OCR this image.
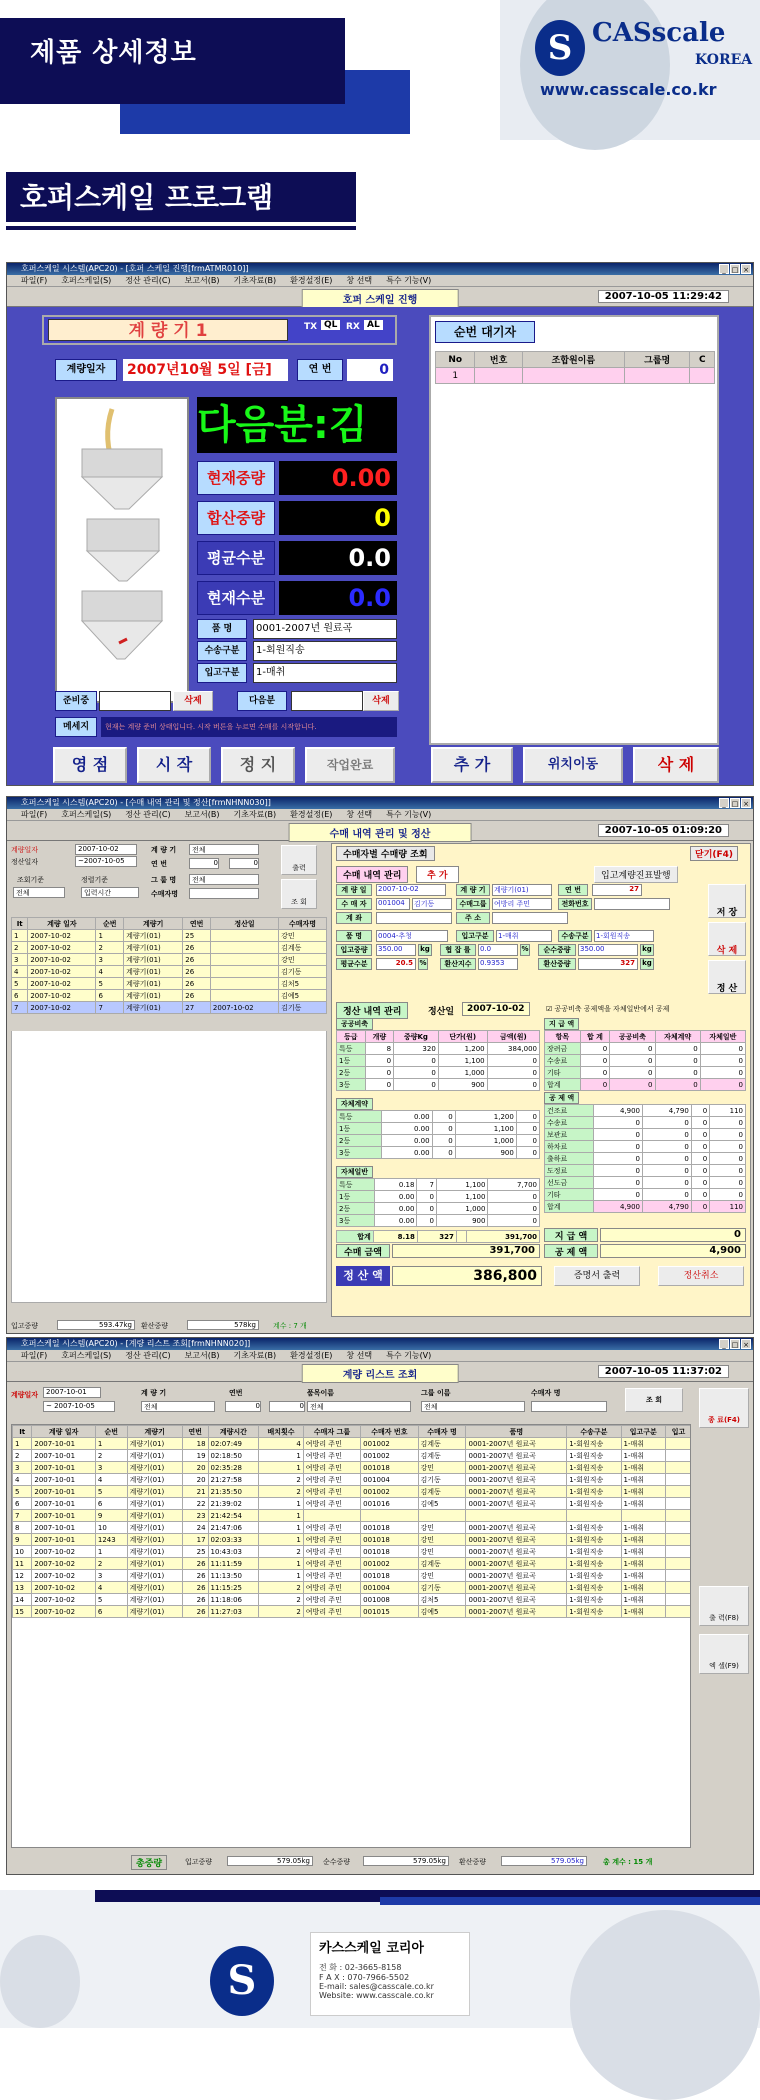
제품 상세정보	S CASscale
KOREA
www.casscale.co.kr
호퍼스케일 프로그램
호퍼스케일 시스템(APC20) - [호퍼 스케일 진행[frmATMR010]]	_ □ ×
파일(F) 호퍼스케일(S) 정산 관리(C) 보고서(B) 기초자료(B) 환경설정(E) 창 선택 특수 기능(V)
호퍼 스케일 진행	2007-10-05 11:29:42
계 량 기 1	TX QL RX AL
계량일자	2007년10월 5일 [금]	연 번	0
다음분:김
현재중량	0.00
합산중량	0
평균수분	0.0
현재수분	0.0
품 명	0001-2007년 원료곡
수송구분	1-회원직송
입고구분	1-매취
준비중	삭제	다음분	삭제
메세지	현재는 계량 준비 상태입니다. 시작 버튼을 누르면 수매를 시작합니다.
영 점	시 작	정 지	작업완료
순번 대기자
No	번호	조합원이름	그룹명	C
1				
추 가	위치이동	삭 제
호퍼스케일 시스템(APC20) - [수매 내역 관리 및 정산[frmNHNN030]]	_ □ ×
파일(F) 호퍼스케일(S) 정산 관리(C) 보고서(B) 기초자료(B) 환경설정(E) 창 선택 특수 기능(V)
수매 내역 관리 및 정산	2007-10-05 01:09:20
계량일자
정산일자
2007-10-02
~2007-10-05
계 량 기	전체
연 번	0	0
조회기준	정렬기준
전체	입력시간
그 룹 명	전체
수매자명
출력
조 회
It	계량 일자	순번	계량기	연번	정산일	수매자명
1	2007-10-02	1	계량기(01)	25		강민
2	2007-10-02	2	계량기(01)	26		김계동
3	2007-10-02	3	계량기(01)	26		강민
4	2007-10-02	4	계량기(01)	26		김기동
5	2007-10-02	5	계량기(01)	26		김처5
6	2007-10-02	6	계량기(01)	26		김예5
7	2007-10-02	7	계량기(01)	27	2007-10-02	김기동
입고중량	593.47kg	환산중량	578kg	계수 : 7 개
수매자별 수매량 조회	닫기(F4)
수매 내역 관리	추 가	입고계량진표발행
계 량 일	2007-10-02	계 량 기	계량기(01)	연 번	27
수 매 자	001004	김기동	수매그룹	여방리 주민	전화번호
계 좌	주 소
품 명	0004-추청	입고구분	1-매취	수송구분	1-회원직송
입고중량	350.00	kg	협 잡 률	0.0	%	순수중량	350.00	kg
평균수분	20.5 %	환산지수	0.9353	환산중량	327	kg
저 장
삭 제
정 산
정산 내역 관리	정산일	2007-10-02	☑ 공공비축 공제액을 자체일반에서 공제
공공비축
등급	개량	중량Kg	단가(원)	금액(원)
특등	8	320	1,200	384,000
1등	0	0	1,100	0
2등	0	0	1,000	0
3등	0	0	900	0
자체계약
특등	0.00	0	1,200	0
1등	0.00	0	1,100	0
2등	0.00	0	1,000	0
3등	0.00	0	900	0
자체일반
특등	0.18	7	1,100	7,700
1등	0.00	0	1,100	0
2등	0.00	0	1,000	0
3등	0.00	0	900	0
합계	8.18	327		391,700
지 급 액
항목	합 계	공공비축	자체계약	자체일반
장려금	0	0	0	0
수송료	0	0	0	0
기타	0	0	0	0
합계	0	0	0	0
공 제 액
건조료	4,900	4,790	0	110
수송료	0	0	0	0
보관료	0	0	0	0
하차료	0	0	0	0
출하료	0	0	0	0
도정료	0	0	0	0
선도금	0	0	0	0
기타	0	0	0	0
합계	4,900	4,790	0	110
수매 금액	391,700
지 급 액	0
공 제 액	4,900
정 산 액	386,800	증명서 출력	정산취소
호퍼스케일 시스템(APC20) - [계량 리스트 조회[frmNHNN020]]	_ □ ×
파일(F) 호퍼스케일(S) 정산 관리(C) 보고서(B) 기초자료(B) 환경설정(E) 창 선택 특수 기능(V)
계량 리스트 조회	2007-10-05 11:37:02
계량일자	2007-10-01
~ 2007-10-05
계 량 기
전체
연번
0	0
품목이름
전체
그룹 이름
전체
수매자 명
조 회
종 료(F4)
출 력(F8)
엑 셀(F9)
It	계량 일자	순번	계량기	연번	계량시간	배치횟수	수매자 그룹	수매자 번호	수매자 명	품명	수송구분	입고구분	입고
1	2007-10-01	1	계량기(01)	18	02:07:49	4	여방리 주민	001002	김계동	0001-2007년 원료곡	1-회원직송	1-매취	
2	2007-10-01	2	계량기(01)	19	02:18:50	1	여방리 주민	001002	김계동	0001-2007년 원료곡	1-회원직송	1-매취	
3	2007-10-01	3	계량기(01)	20	02:35:28	1	여방리 주민	001018	강민	0001-2007년 원료곡	1-회원직송	1-매취	
4	2007-10-01	4	계량기(01)	20	21:27:58	2	여방리 주민	001004	김기동	0001-2007년 원료곡	1-회원직송	1-매취	
5	2007-10-01	5	계량기(01)	21	21:35:50	2	여방리 주민	001002	김계동	0001-2007년 원료곡	1-회원직송	1-매취	
6	2007-10-01	6	계량기(01)	22	21:39:02	1	여방리 주민	001016	김예5	0001-2007년 원료곡	1-회원직송	1-매취	
7	2007-10-01	9	계량기(01)	23	21:42:54	1							
8	2007-10-01	10	계량기(01)	24	21:47:06	1	여방리 주민	001018	강민	0001-2007년 원료곡	1-회원직송	1-매취	
9	2007-10-01	1243	계량기(01)	17	02:03:33	1	여방리 주민	001018	강민	0001-2007년 원료곡	1-회원직송	1-매취	
10	2007-10-02	1	계량기(01)	25	10:43:03	2	여방리 주민	001018	강민	0001-2007년 원료곡	1-회원직송	1-매취	
11	2007-10-02	2	계량기(01)	26	11:11:59	1	여방리 주민	001002	김계동	0001-2007년 원료곡	1-회원직송	1-매취	
12	2007-10-02	3	계량기(01)	26	11:13:50	1	여방리 주민	001018	강민	0001-2007년 원료곡	1-회원직송	1-매취	
13	2007-10-02	4	계량기(01)	26	11:15:25	2	여방리 주민	001004	김기동	0001-2007년 원료곡	1-회원직송	1-매취	
14	2007-10-02	5	계량기(01)	26	11:18:06	2	여방리 주민	001008	김처5	0001-2007년 원료곡	1-회원직송	1-매취	
15	2007-10-02	6	계량기(01)	26	11:27:03	2	여방리 주민	001015	김예5	0001-2007년 원료곡	1-회원직송	1-매취	
총중량	입고중량	579.05kg	순수중량	579.05kg	환산중량	579.05kg	총 계수 : 15 개
S
카스스케일 코리아
전 화 : 02-3665-8158
F A X : 070-7966-5502
E-mail: sales@casscale.co.kr
Website: www.casscale.co.kr
